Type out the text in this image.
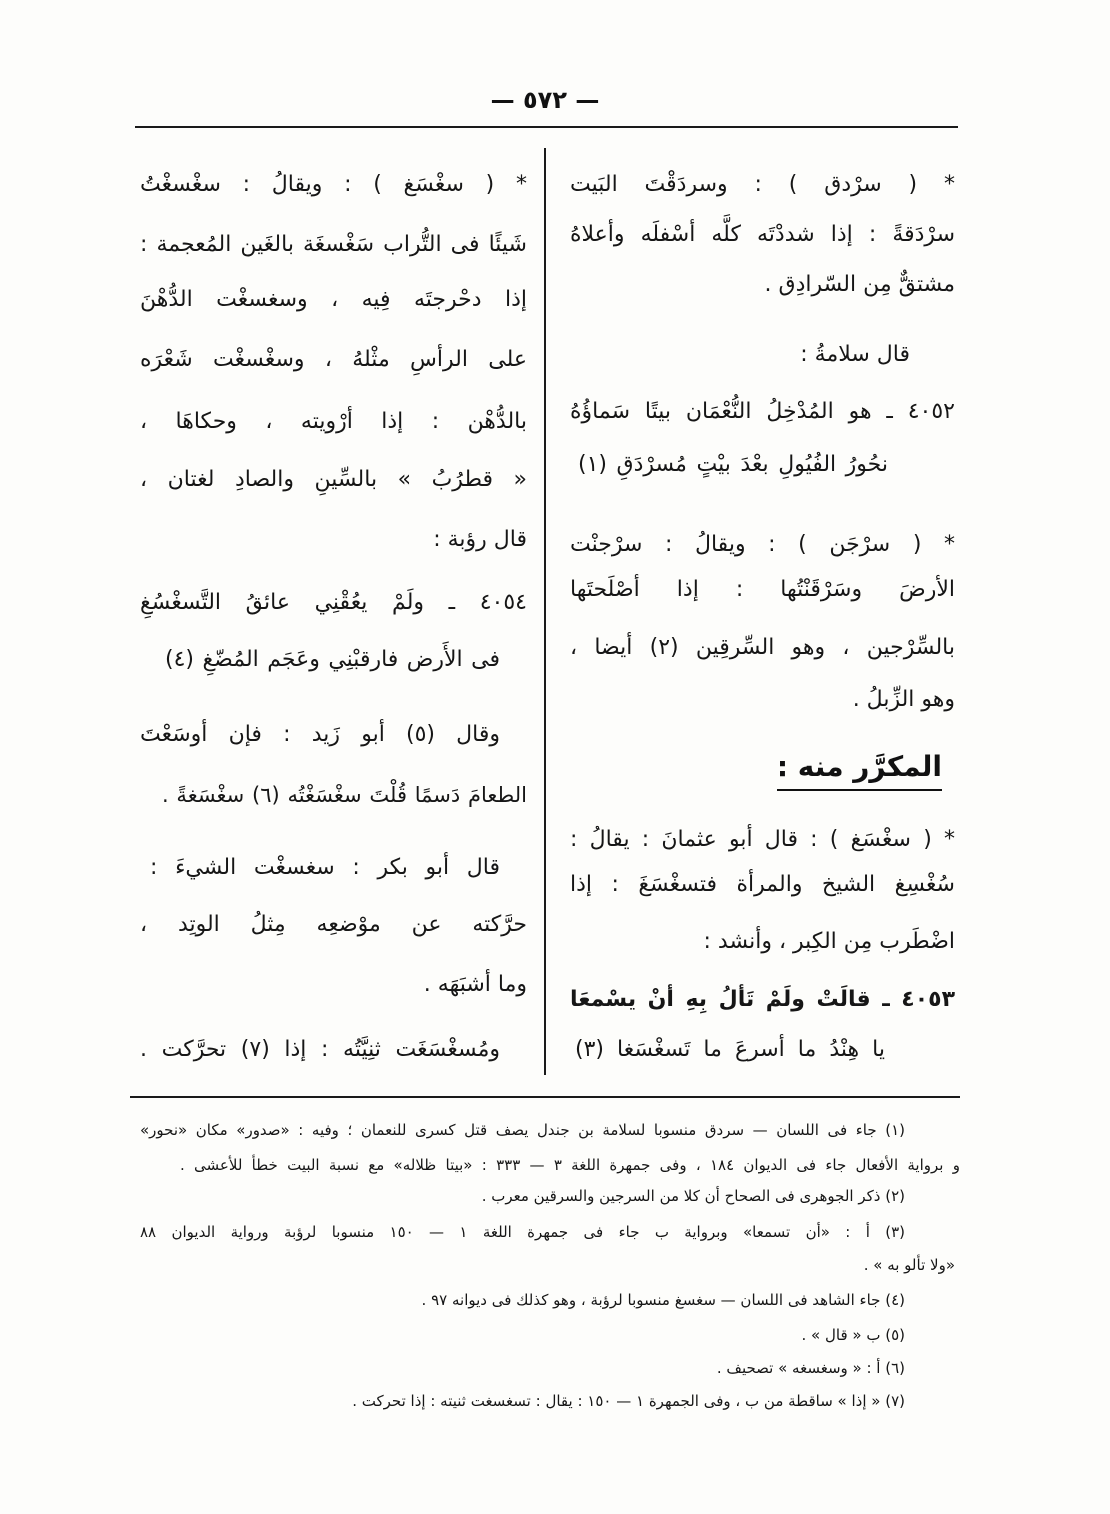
— ٥٧٢ —
* ( سرْدق ) : وسردَقْتَ البَيت
سرْدَقةً : إذا شددْتَه كلَّه أسْفلَه وأعلاهُ
مشتقٌّ مِن السّرادِق .
قال سلامةُ :
٤٠٥٢ ـ هو المُدْخِلُ النُّعْمَان بيتًا سَماؤُهُ
نحُورُ الفُيُولِ بعْدَ بيْتٍ مُسرْدَقِ (١)
* ( سرْجَن ) : ويقالُ : سرْجنْت
الأرضَ وسَرْقَنْتُها : إذا أصْلَحتَها
بالسِّرْجين ، وهو السِّرقِين (٢) أيضا ،
وهو الزِّبلُ .
المكرَّر منه :
* ( سغْسَغ ) : قال أبو عثمانَ : يقالُ :
سُغْسِغ الشيخ والمرأة فتسغْسَغَ : إذا
اضْطَرب مِن الكِبر ، وأنشد :
٤٠٥٣ ـ قالَتْ ولَمْ تَألُ بِهِ أنْ يسْمعَا
يا هِنْدُ ما أسرعَ ما تَسغْسَغا (٣)
* ( سغْسَغ ) : ويقالُ : سغْسغْتُ
شَيئًا فى التُّراب سَغْسغَة بالغَين المُعجمة :
إذا دحْرجتَه فِيه ، وسغسغْت الدُّهْنَ
على الرأسِ مثْلهُ ، وسغْسغْت شَعْرَه
بالدُّهْن : إذا أرْويته ، وحكاهَا ،
« قطرُبُ » بالسِّينِ والصادِ لغتان ،
قال رؤبة :
٤٠٥٤ ـ ولَمْ يعُقْنِي عائقُ التَّسغْسُغِ
فى الأَرض فارقبْنِي وعَجَم المُضّغِ (٤)
وقال (٥) أبو زَيد : فإن أوسَعْتَ
الطعامَ دَسمًا قُلْتَ سغْسَغْتُه (٦) سغْسَغةً .
قال أبو بكر : سغسغْت الشيءَ :
حرَّكته عن موْضعِه مِثلُ الوتِد ،
وما أشبَهَه .
ومُسغْسَغَت ثنِيَّتُه : إذا (٧) تحرَّكت .
(١) جاء فى اللسان — سردق منسوبا لسلامة بن جندل يصف قتل كسرى للنعمان ؛ وفيه : «صدور» مكان «نحور»
و برواية الأفعال جاء فى الديوان ١٨٤ ، وفى جمهرة اللغة ٣ — ٣٣٣ : «بيتا ظلاله» مع نسبة البيت خطأ للأعشى .
(٢) ذكر الجوهرى فى الصحاح أن كلا من السرجين والسرقين معرب .
(٣) أ : «أن تسمعا» وبرواية ب جاء فى جمهرة اللغة ١ — ١٥٠ منسوبا لرؤبة ورواية الديوان ٨٨
«ولا تألو به » .
(٤) جاء الشاهد فى اللسان — سغسغ منسوبا لرؤبة ، وهو كذلك فى ديوانه ٩٧ .
(٥) ب « قال » .
(٦) أ : « وسغسغه » تصحيف .
(٧) « إذا » ساقطة من ب ، وفى الجمهرة ١ — ١٥٠ : يقال : تسغسغت ثنيته : إذا تحركت .
